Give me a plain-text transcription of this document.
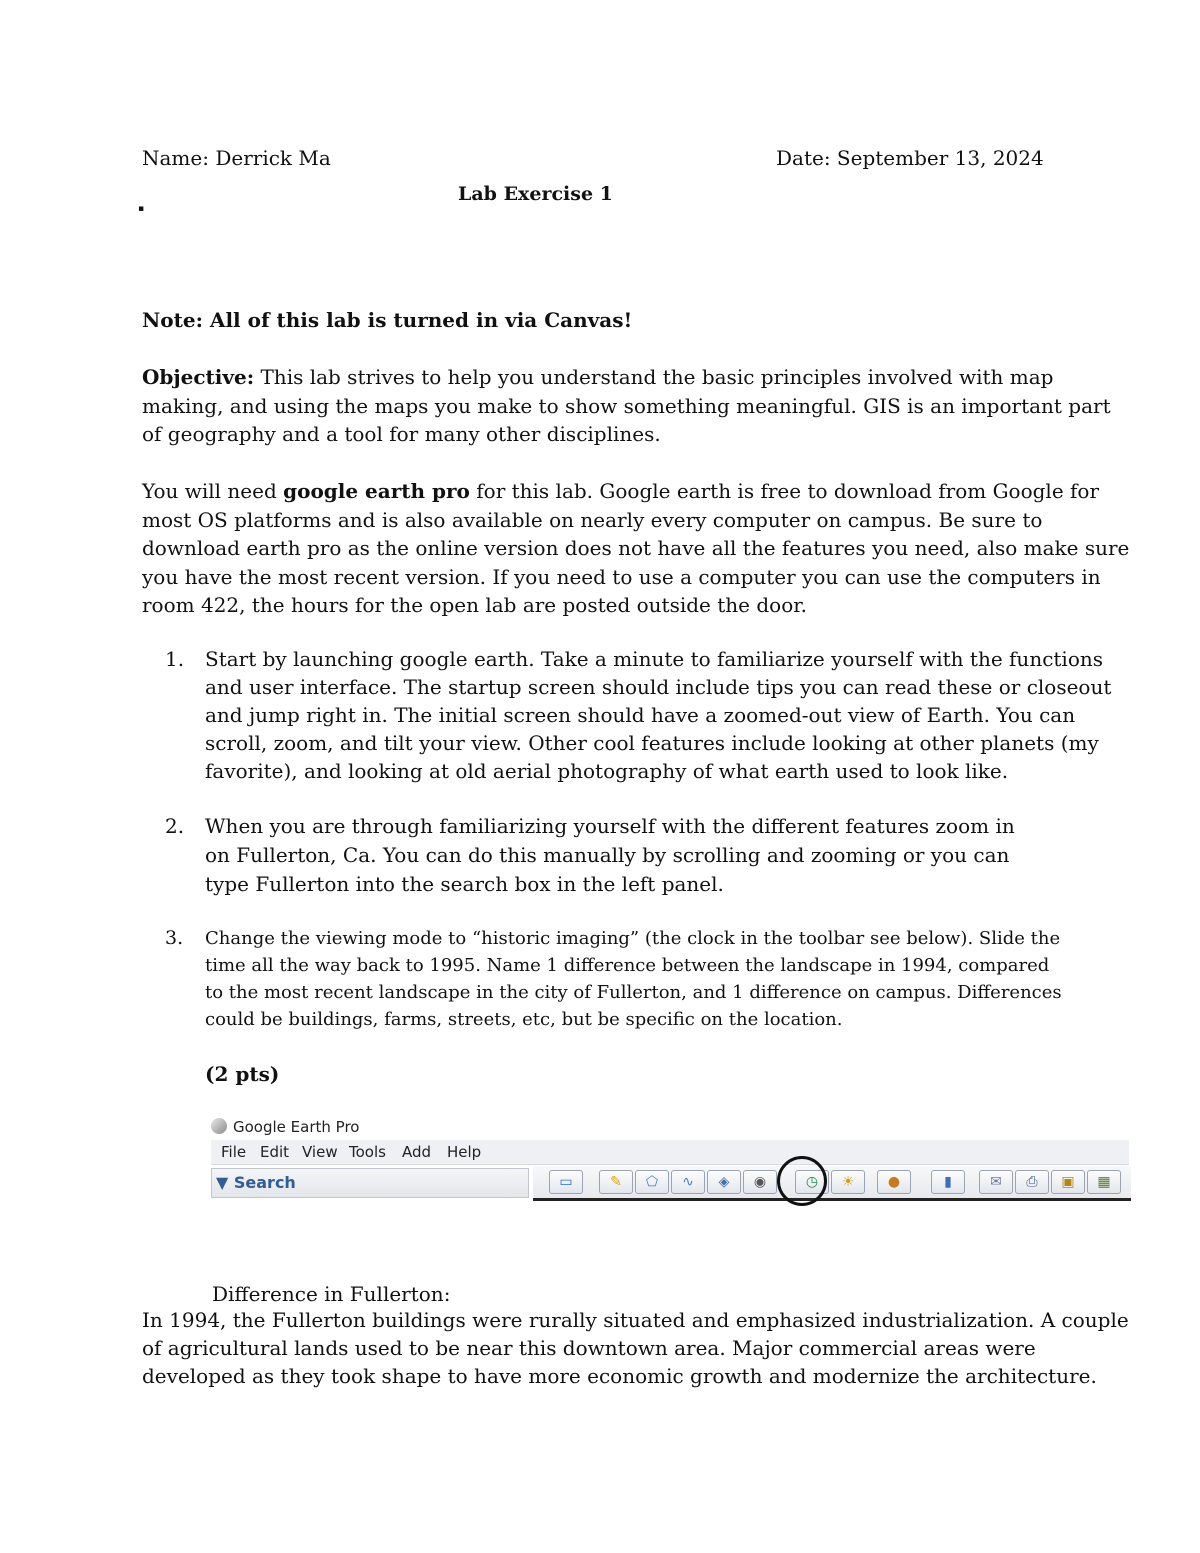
Name: Derrick Ma	Date: September 13, 2024
Lab Exercise 1
▪
Note: All of this lab is turned in via Canvas!
Objective: This lab strives to help you understand the basic principles involved with map
making, and using the maps you make to show something meaningful. GIS is an important part
of geography and a tool for many other disciplines.
You will need google earth pro for this lab. Google earth is free to download from Google for
most OS platforms and is also available on nearly every computer on campus. Be sure to
download earth pro as the online version does not have all the features you need, also make sure
you have the most recent version. If you need to use a computer you can use the computers in
room 422, the hours for the open lab are posted outside the door.
1. Start by launching google earth. Take a minute to familiarize yourself with the functions
and user interface. The startup screen should include tips you can read these or closeout
and jump right in. The initial screen should have a zoomed-out view of Earth. You can
scroll, zoom, and tilt your view. Other cool features include looking at other planets (my
favorite), and looking at old aerial photography of what earth used to look like.
2. When you are through familiarizing yourself with the different features zoom in
on Fullerton, Ca. You can do this manually by scrolling and zooming or you can
type Fullerton into the search box in the left panel.
3. Change the viewing mode to “historic imaging” (the clock in the toolbar see below). Slide the
time all the way back to 1995. Name 1 difference between the landscape in 1994, compared
to the most recent landscape in the city of Fullerton, and 1 difference on campus. Differences
could be buildings, farms, streets, etc, but be specific on the location.
(2 pts)
Google Earth Pro
File Edit View Tools Add Help
▼ Search	▭	✎ ⬠ ∿ ◈ ◉	◷ ☀ ●	▮	✉ ⎙ ▣ ▦
Difference in Fullerton:
In 1994, the Fullerton buildings were rurally situated and emphasized industrialization. A couple
of agricultural lands used to be near this downtown area. Major commercial areas were
developed as they took shape to have more economic growth and modernize the architecture.
